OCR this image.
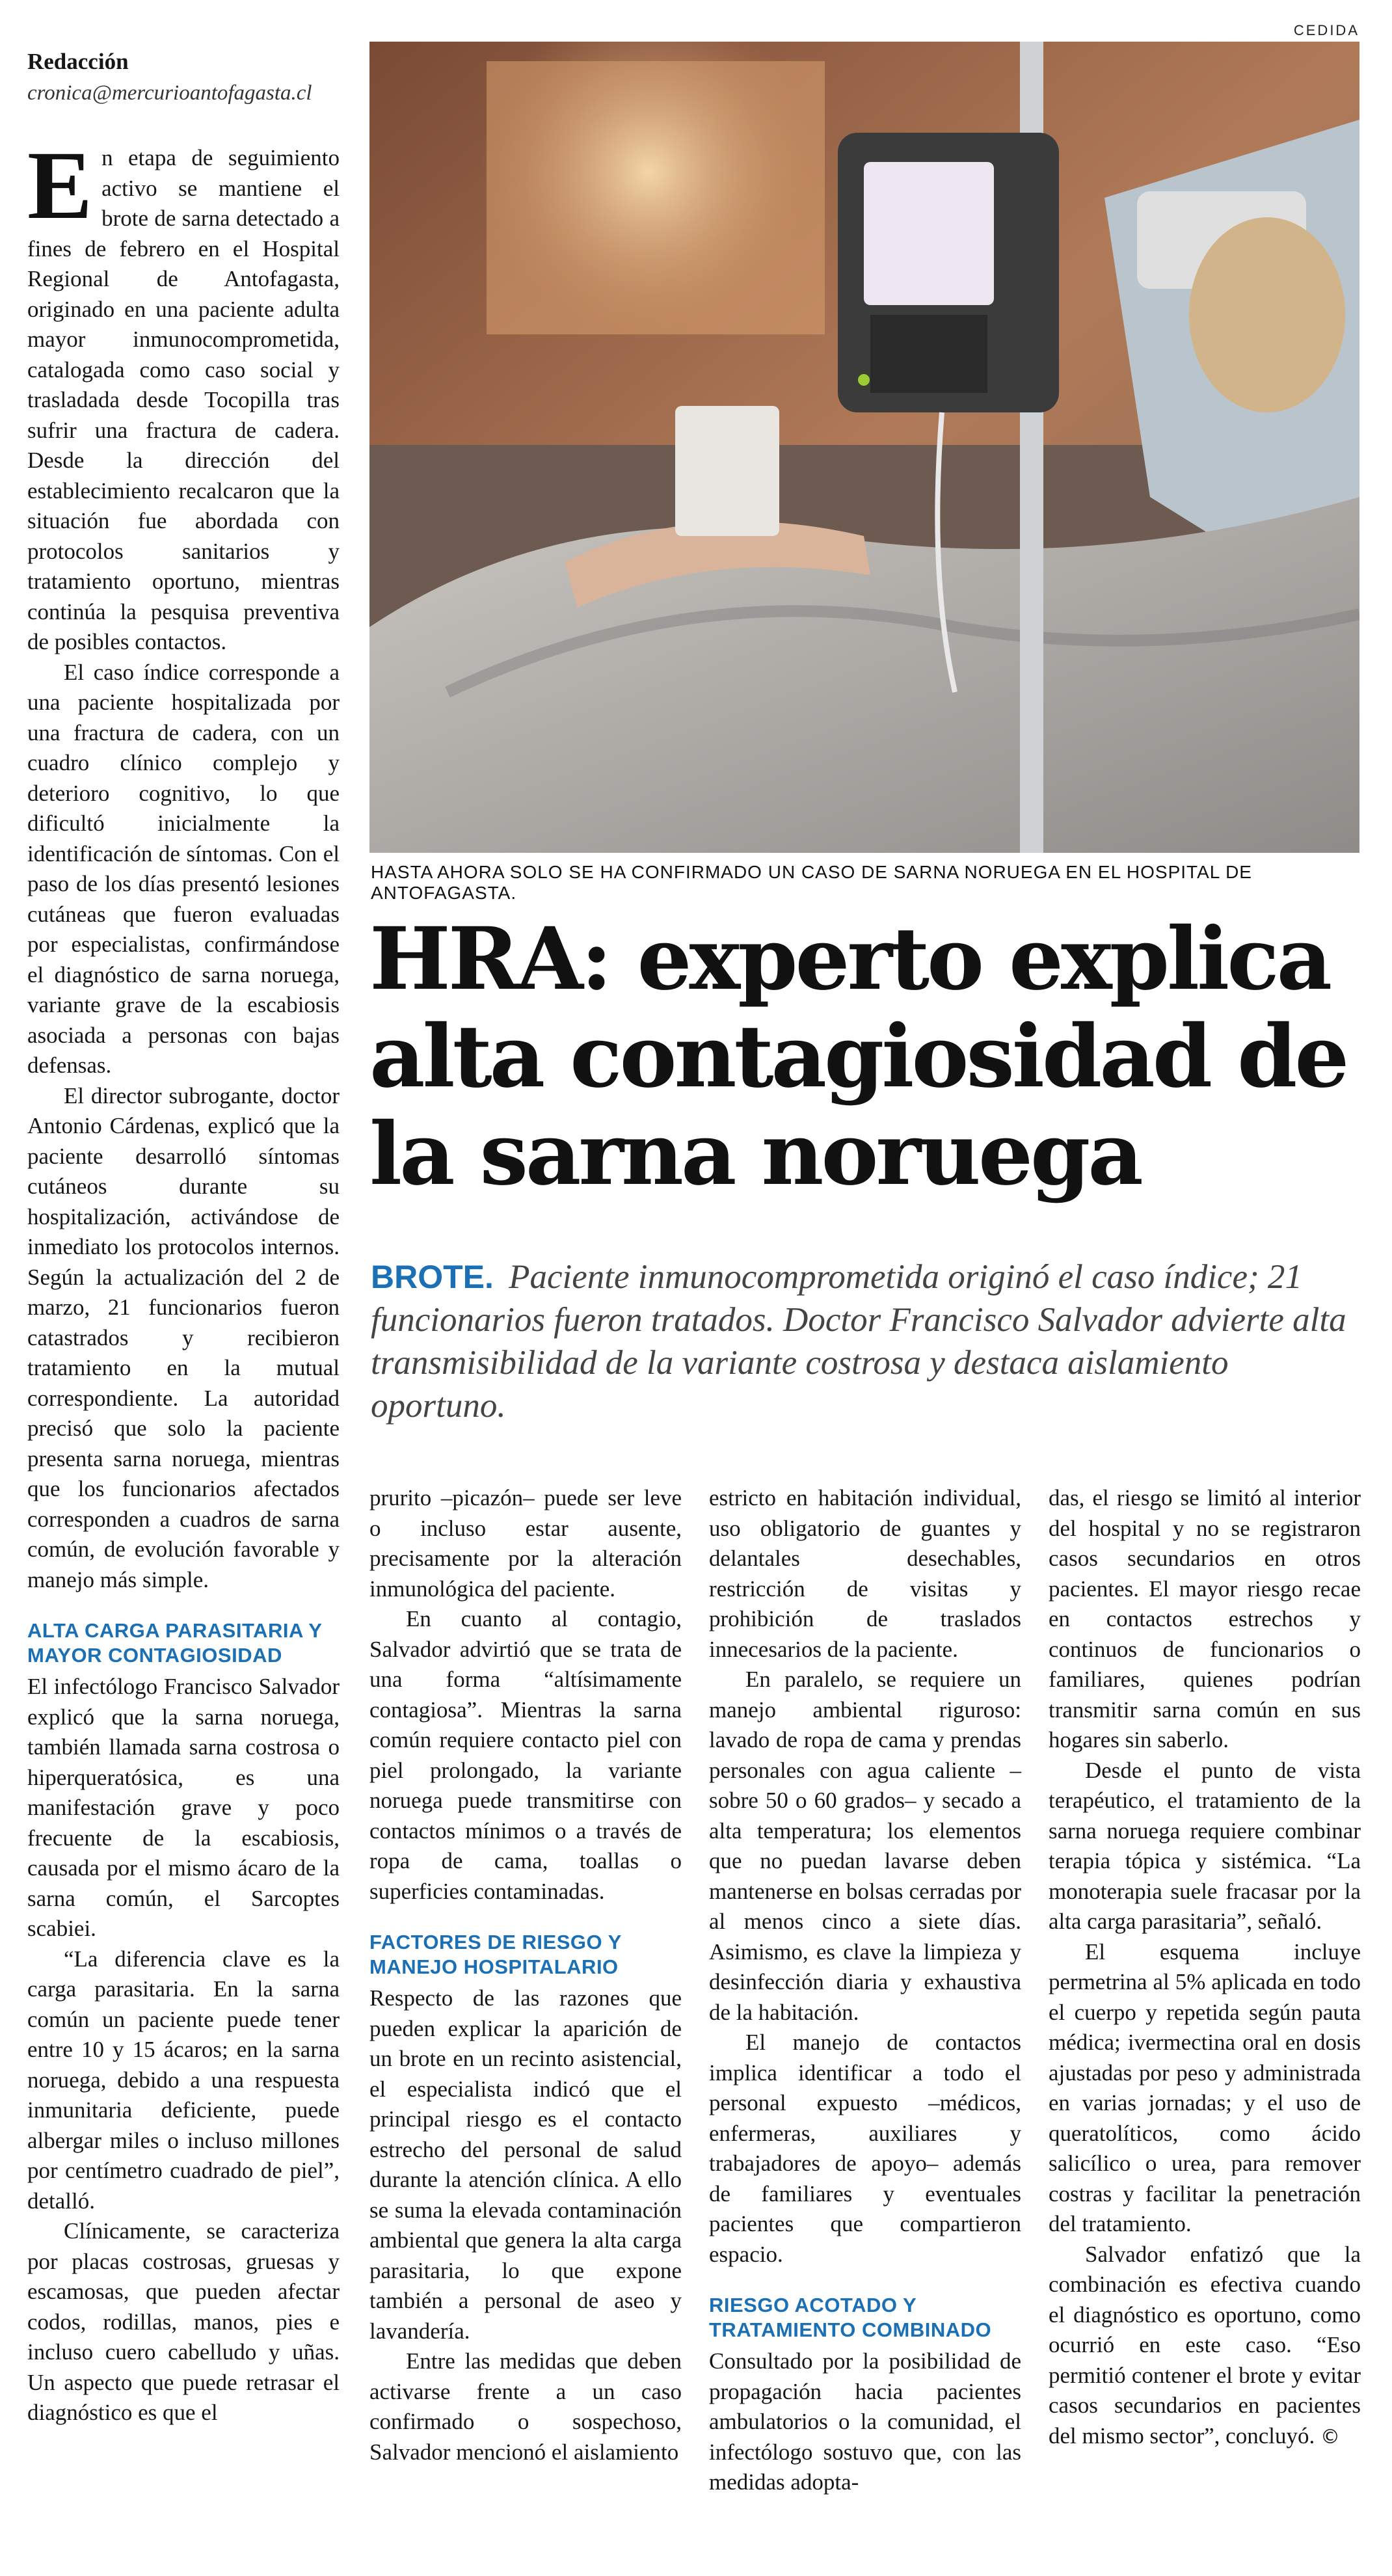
Redacción
cronica@mercurioantofagasta.cl
CEDIDA
HASTA AHORA SOLO SE HA CONFIRMADO UN CASO DE SARNA NORUEGA EN EL HOSPITAL DE ANTOFAGASTA.
HRA: experto explica alta contagiosidad de la sarna noruega
BROTE. Paciente inmunocomprometida originó el caso índice; 21 funcionarios fueron tratados. Doctor Francisco Salvador advierte alta transmisibilidad de la variante costrosa y destaca aislamiento oportuno.

En etapa de seguimiento activo se mantiene el brote de sarna detectado a fines de febrero en el Hospital Regional de Antofagasta, originado en una paciente adulta mayor inmunocomprometida, catalogada como caso social y trasladada desde Tocopilla tras sufrir una fractura de cadera. Desde la dirección del establecimiento recalcaron que la situación fue abordada con protocolos sanitarios y tratamiento oportuno, mientras continúa la pesquisa preventiva de posibles contactos.

El caso índice corresponde a una paciente hospitalizada por una fractura de cadera, con un cuadro clínico complejo y deterioro cognitivo, lo que dificultó inicialmente la identificación de síntomas. Con el paso de los días presentó lesiones cutáneas que fueron evaluadas por especialistas, confirmándose el diagnóstico de sarna noruega, variante grave de la escabiosis asociada a personas con bajas defensas.

El director subrogante, doctor Antonio Cárdenas, explicó que la paciente desarrolló síntomas cutáneos durante su hospitalización, activándose de inmediato los protocolos internos. Según la actualización del 2 de marzo, 21 funcionarios fueron catastrados y recibieron tratamiento en la mutual correspondiente. La autoridad precisó que solo la paciente presenta sarna noruega, mientras que los funcionarios afectados corresponden a cuadros de sarna común, de evolución favorable y manejo más simple.

ALTA CARGA PARASITARIA Y MAYOR CONTAGIOSIDAD

El infectólogo Francisco Salvador explicó que la sarna noruega, también llamada sarna costrosa o hiperqueratósica, es una manifestación grave y poco frecuente de la escabiosis, causada por el mismo ácaro de la sarna común, el Sarcoptes scabiei.

“La diferencia clave es la carga parasitaria. En la sarna común un paciente puede tener entre 10 y 15 ácaros; en la sarna noruega, debido a una respuesta inmunitaria deficiente, puede albergar miles o incluso millones por centímetro cuadrado de piel”, detalló.

Clínicamente, se caracteriza por placas costrosas, gruesas y escamosas, que pueden afectar codos, rodillas, manos, pies e incluso cuero cabelludo y uñas. Un aspecto que puede retrasar el diagnóstico es que el

prurito –picazón– puede ser leve o incluso estar ausente, precisamente por la alteración inmunológica del paciente.

En cuanto al contagio, Salvador advirtió que se trata de una forma “altísimamente contagiosa”. Mientras la sarna común requiere contacto piel con piel prolongado, la variante noruega puede transmitirse con contactos mínimos o a través de ropa de cama, toallas o superficies contaminadas.

FACTORES DE RIESGO Y MANEJO HOSPITALARIO

Respecto de las razones que pueden explicar la aparición de un brote en un recinto asistencial, el especialista indicó que el principal riesgo es el contacto estrecho del personal de salud durante la atención clínica. A ello se suma la elevada contaminación ambiental que genera la alta carga parasitaria, lo que expone también a personal de aseo y lavandería.

Entre las medidas que deben activarse frente a un caso confirmado o sospechoso, Salvador mencionó el aislamiento

estricto en habitación individual, uso obligatorio de guantes y delantales desechables, restricción de visitas y prohibición de traslados innecesarios de la paciente.

En paralelo, se requiere un manejo ambiental riguroso: lavado de ropa de cama y prendas personales con agua caliente –sobre 50 o 60 grados– y secado a alta temperatura; los elementos que no puedan lavarse deben mantenerse en bolsas cerradas por al menos cinco a siete días. Asimismo, es clave la limpieza y desinfección diaria y exhaustiva de la habitación.

El manejo de contactos implica identificar a todo el personal expuesto –médicos, enfermeras, auxiliares y trabajadores de apoyo– además de familiares y eventuales pacientes que compartieron espacio.

RIESGO ACOTADO Y TRATAMIENTO COMBINADO

Consultado por la posibilidad de propagación hacia pacientes ambulatorios o la comunidad, el infectólogo sostuvo que, con las medidas adopta-

das, el riesgo se limitó al interior del hospital y no se registraron casos secundarios en otros pacientes. El mayor riesgo recae en contactos estrechos y continuos de funcionarios o familiares, quienes podrían transmitir sarna común en sus hogares sin saberlo.

Desde el punto de vista terapéutico, el tratamiento de la sarna noruega requiere combinar terapia tópica y sistémica. “La monoterapia suele fracasar por la alta carga parasitaria”, señaló.

El esquema incluye permetrina al 5% aplicada en todo el cuerpo y repetida según pauta médica; ivermectina oral en dosis ajustadas por peso y administrada en varias jornadas; y el uso de queratolíticos, como ácido salicílico o urea, para remover costras y facilitar la penetración del tratamiento.

Salvador enfatizó que la combinación es efectiva cuando el diagnóstico es oportuno, como ocurrió en este caso. “Eso permitió contener el brote y evitar casos secundarios en pacientes del mismo sector”, concluyó. ©
